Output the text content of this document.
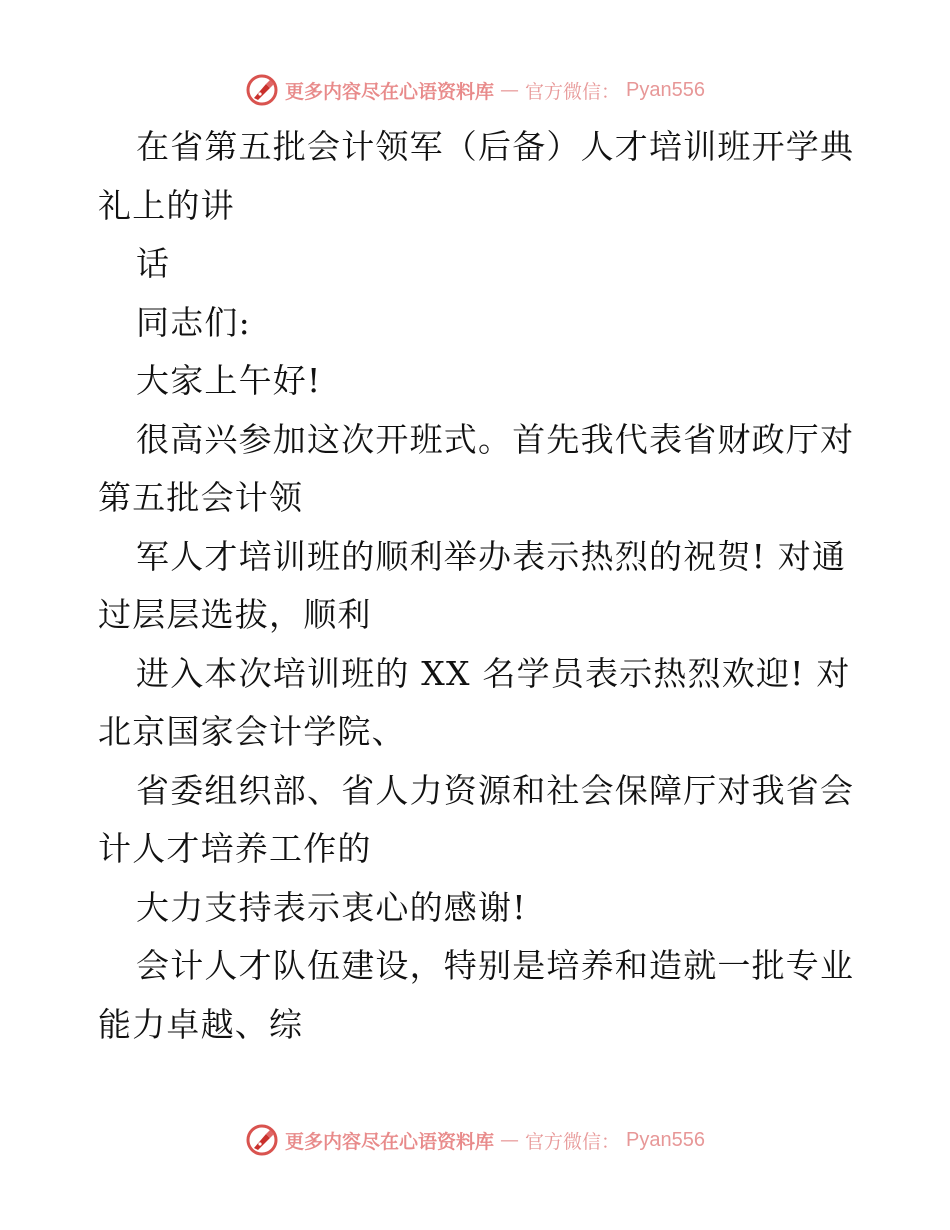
更多内容尽在心语资料库 — 官方微信： Pyan556
在省第五批会计领军（后备）人才培训班开学典
礼上的讲
话
同志们:
大家上午好!
很高兴参加这次开班式。首先我代表省财政厅对
第五批会计领
军人才培训班的顺利举办表示热烈的祝贺! 对通
过层层选拔，顺利
进入本次培训班的 XX 名学员表示热烈欢迎! 对
北京国家会计学院、
省委组织部、省人力资源和社会保障厅对我省会
计人才培养工作的
大力支持表示衷心的感谢!
会计人才队伍建设，特别是培养和造就一批专业
能力卓越、综
更多内容尽在心语资料库 — 官方微信： Pyan556
